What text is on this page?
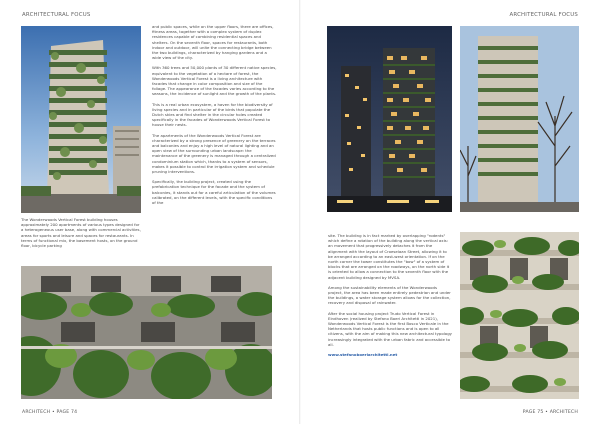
ARCHITECTURAL FOCUS	ARCHITECTURAL FOCUS

The Wonderwoods Vertical Forest building houses approximately 200 apartments of various types designed for a heterogeneous user base, along with commercial activities, areas for sports and leisure and spaces for restaurants. In terms of functional mix, the basement hosts, on the ground floor, bicycle parking

and public spaces, while on the upper floors, there are offices, fitness areas, together with a complex system of duplex residences capable of combining residential spaces and shelters. On the seventh floor, spaces for restaurants, both indoor and outdoor, will unite the connecting bridge between the two buildings, characterized by hanging gardens and a wide view of the city.

With 360 trees and 50,000 plants of 30 different native species, equivalent to the vegetation of a hectare of forest, the Wonderwoods Vertical Forest is a living architecture with facades that change in color composition and size of the foliage. The appearance of the facades varies according to the seasons, the incidence of sunlight and the growth of the plants.

This is a real urban ecosystem, a haven for the biodiversity of living species and in particular of the birds that populate the Dutch skies and find shelter in the circular holes created specifically in the facades of Wonderwoods Vertical Forest to house their nests.

The apartments of the Wonderwoods Vertical Forest are characterized by a strong presence of greenery on the terraces and balconies and enjoy a high level of natural lighting and an open view of the surrounding urban landscape: the maintenance of the greenery is managed through a centralized condominium station which, thanks to a system of sensors, makes it possible to control the irrigation system and schedule pruning interventions.

Specifically, the building project, created using the prefabrication technique for the facade and the system of balconies, it stands out for a careful articulation of the volumes calibrated, on the different levels, with the specific conditions of the

site. The building is in fact marked by overlapping "rodents" which define a rotation of the building along the vertical axis: an movement that progressively detaches it from the alignment with the layout of Croeselaan Street, allowing it to be arranged according to an east-west orientation. If on the north corner the tower constitutes the "bow" of a system of blocks that are arranged on the roadways, on the north side it is oriented to allow a connection to the seventh floor with the adjacent building designed by MVSA.

Among the sustainability elements of the Wonderwoods project, the area has been made entirely pedestrian and under the buildings, a water storage system allows for the collection, recovery and disposal of rainwater.

After the social housing project Trudo Vertical Forest in Eindhoven (realized by Stefano Boeri Architetti in 2021), Wonderwoods Vertical Forest is the first Bosco Verticale in the Netherlands that hosts public functions and is open to all citizens, with the aim of making this new architectural typology increasingly integrated with the urban fabric and accessible to all.

www.stefanoboeriarchitetti.net

ARCHITECH • PAGE 74	PAGE 75 • ARCHITECH
